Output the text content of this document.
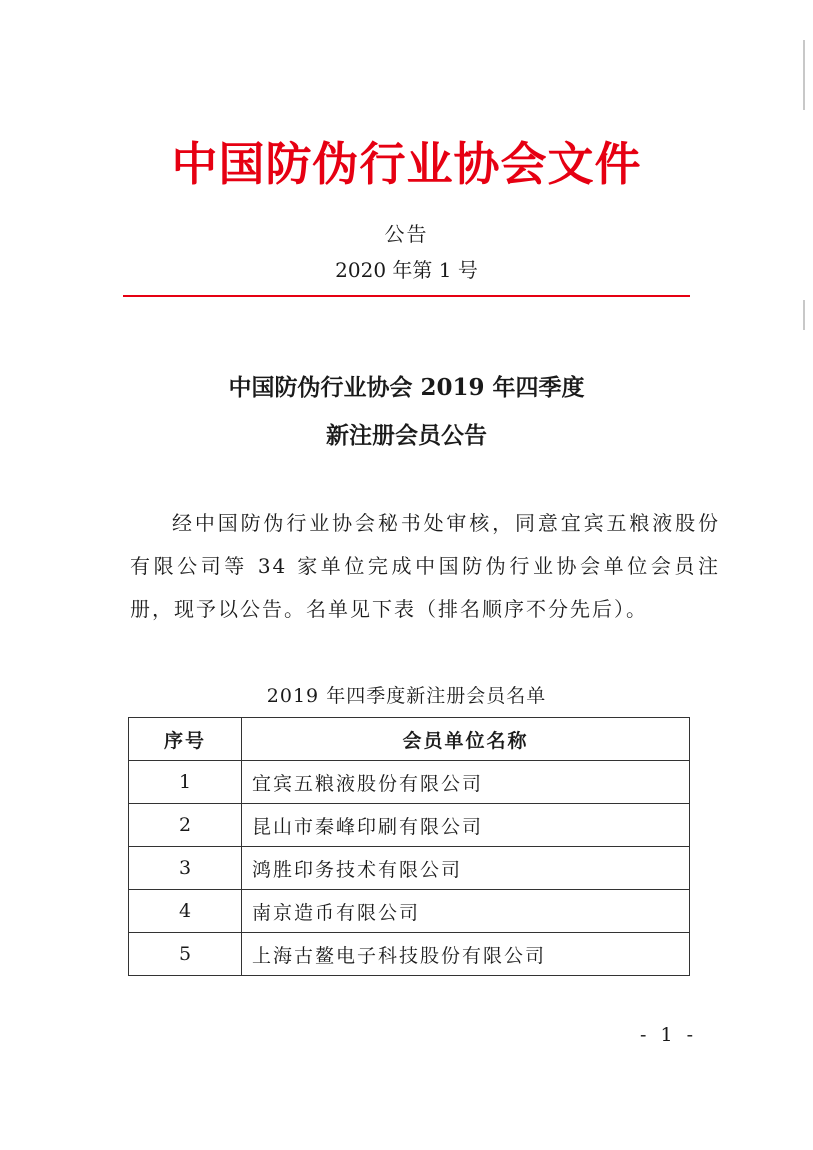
中国防伪行业协会文件
公告
2020 年第 1 号
中国防伪行业协会 2019 年四季度
新注册会员公告
经中国防伪行业协会秘书处审核，同意宜宾五粮液股份有限公司等 34 家单位完成中国防伪行业协会单位会员注册，现予以公告。名单见下表（排名顺序不分先后）。
2019 年四季度新注册会员名单
序号	会员单位名称
1	宜宾五粮液股份有限公司
2	昆山市秦峰印刷有限公司
3	鸿胜印务技术有限公司
4	南京造币有限公司
5	上海古鳌电子科技股份有限公司
- 1 -
